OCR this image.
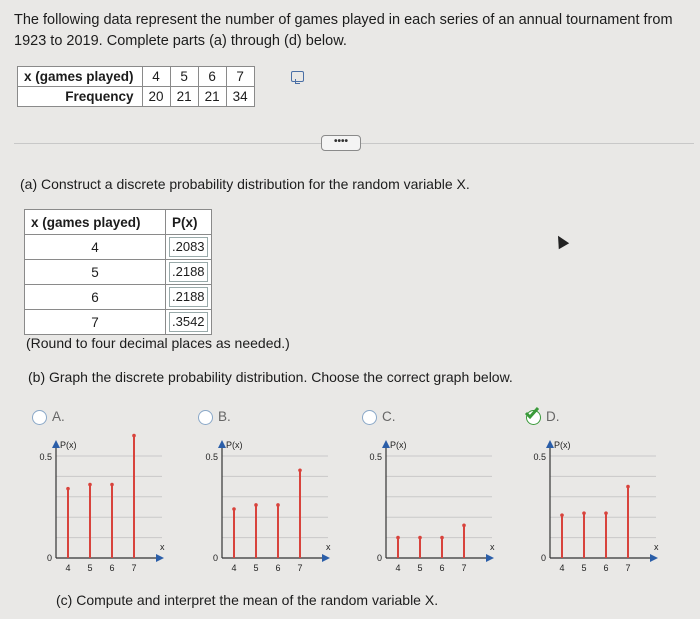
The following data represent the number of games played in each series of an annual tournament from 1923 to 2019. Complete parts (a) through (d) below.
x (games played)	4	5	6	7
Frequency	20	21	21	34
••••
(a) Construct a discrete probability distribution for the random variable X.
x (games played)	P(x)
4	.2083

5	.2188

6	.2188

7	.3542
(Round to four decimal places as needed.)
(b) Graph the discrete probability distribution. Choose the correct graph below.
A.
P(x)
0.5
0
x
4 5 6 7
B.
P(x)
0.5
0
x
4 5 6 7
C.
P(x)
0.5
0
x
4 5 6 7
D.
P(x)
0.5
0
x
4 5 6 7
(c) Compute and interpret the mean of the random variable X.
